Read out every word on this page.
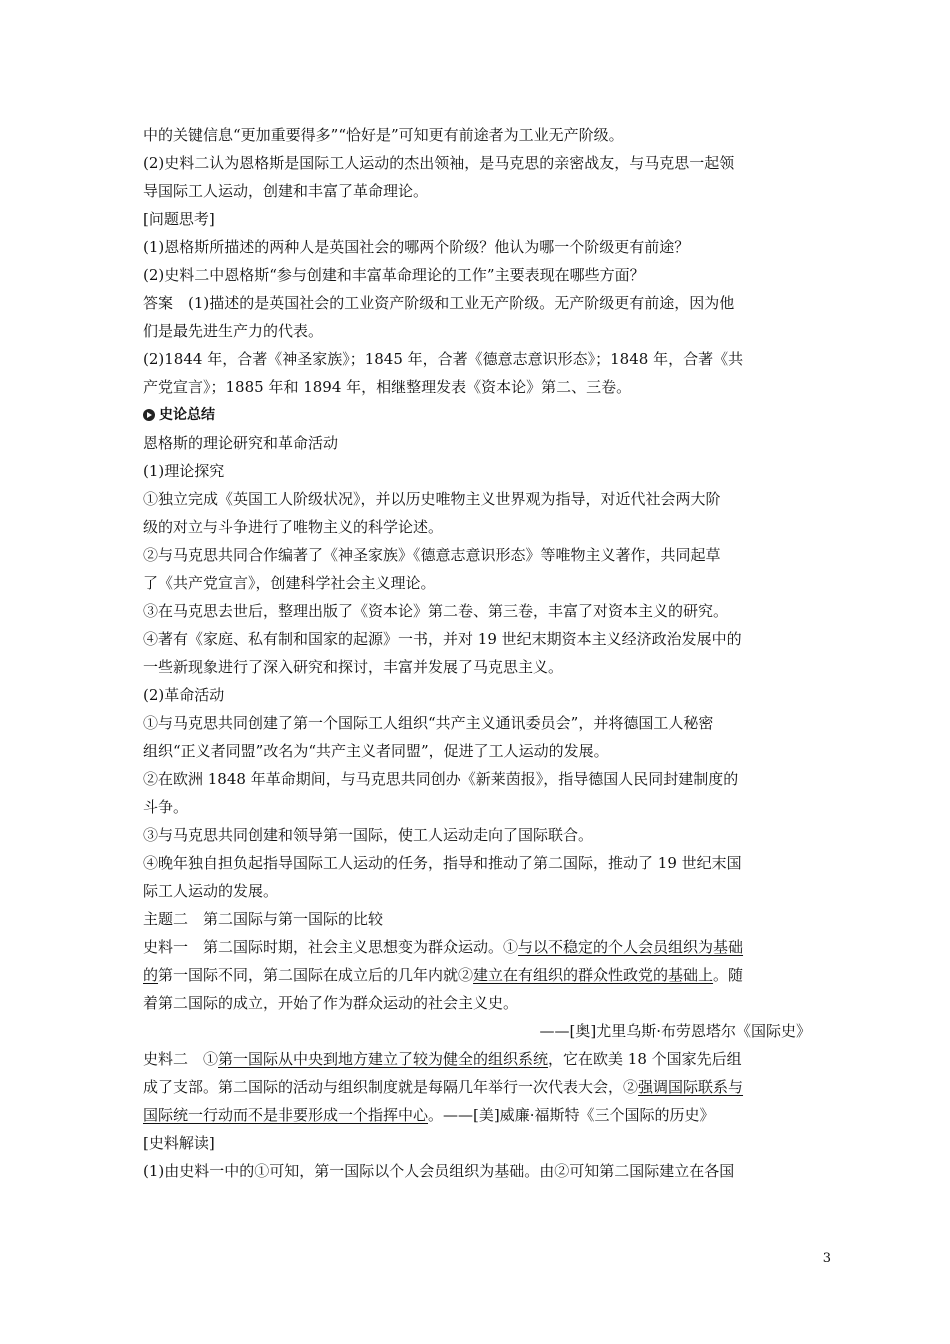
中的关键信息“更加重要得多”“恰好是”可知更有前途者为工业无产阶级。
(2)史料二认为恩格斯是国际工人运动的杰出领袖，是马克思的亲密战友，与马克思一起领
导国际工人运动，创建和丰富了革命理论。
[问题思考]
(1)恩格斯所描述的两种人是英国社会的哪两个阶级？他认为哪一个阶级更有前途？
(2)史料二中恩格斯“参与创建和丰富革命理论的工作”主要表现在哪些方面？
答案　(1)描述的是英国社会的工业资产阶级和工业无产阶级。无产阶级更有前途，因为他
们是最先进生产力的代表。
(2)1844 年，合著《神圣家族》；1845 年，合著《德意志意识形态》；1848 年，合著《共
产党宣言》；1885 年和 1894 年，相继整理发表《资本论》第二、三卷。
史论总结
恩格斯的理论研究和革命活动
(1)理论探究
①独立完成《英国工人阶级状况》，并以历史唯物主义世界观为指导，对近代社会两大阶
级的对立与斗争进行了唯物主义的科学论述。
②与马克思共同合作编著了《神圣家族》《德意志意识形态》等唯物主义著作，共同起草
了《共产党宣言》，创建科学社会主义理论。
③在马克思去世后，整理出版了《资本论》第二卷、第三卷，丰富了对资本主义的研究。
④著有《家庭、私有制和国家的起源》一书，并对 19 世纪末期资本主义经济政治发展中的
一些新现象进行了深入研究和探讨，丰富并发展了马克思主义。
(2)革命活动
①与马克思共同创建了第一个国际工人组织“共产主义通讯委员会”，并将德国工人秘密
组织“正义者同盟”改名为“共产主义者同盟”，促进了工人运动的发展。
②在欧洲 1848 年革命期间，与马克思共同创办《新莱茵报》，指导德国人民同封建制度的
斗争。
③与马克思共同创建和领导第一国际，使工人运动走向了国际联合。
④晚年独自担负起指导国际工人运动的任务，指导和推动了第二国际，推动了 19 世纪末国
际工人运动的发展。
主题二　第二国际与第一国际的比较
史料一　第二国际时期，社会主义思想变为群众运动。①与以不稳定的个人会员组织为基础
的第一国际不同，第二国际在成立后的几年内就②建立在有组织的群众性政党的基础上。随
着第二国际的成立，开始了作为群众运动的社会主义史。
——[奥]尤里乌斯·布劳恩塔尔《国际史》
史料二　①第一国际从中央到地方建立了较为健全的组织系统，它在欧美 18 个国家先后组
成了支部。第二国际的活动与组织制度就是每隔几年举行一次代表大会，②强调国际联系与
国际统一行动而不是非要形成一个指挥中心。——[美]威廉·福斯特《三个国际的历史》
[史料解读]
(1)由史料一中的①可知，第一国际以个人会员组织为基础。由②可知第二国际建立在各国
3
